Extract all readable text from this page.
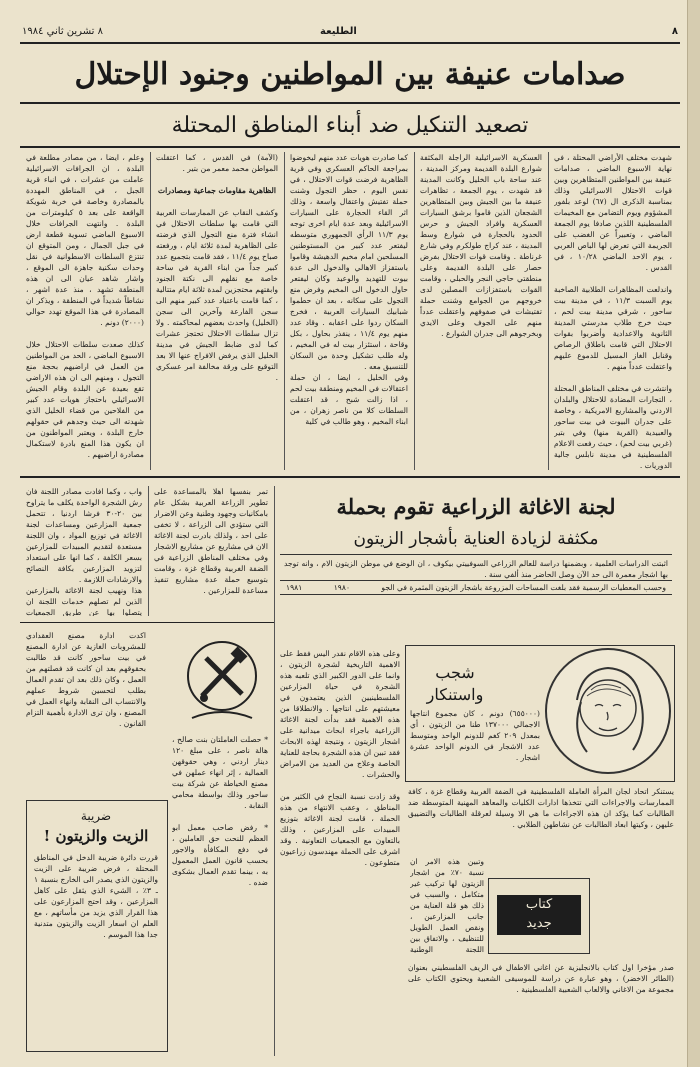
٨
الطليعة
٨ تشرين ثاني ١٩٨٤
صدامات عنيفة بين المواطنين وجنود الإحتلال
تصعيد التنكيل ضد أبناء المناطق المحتلة
شهدت مختلف الأراضي المحتلة ، في نهاية الاسبوع الماضي ، صدامات عنيفة بين المواطنين المتظاهرين وبين قوات الاحتلال الاسرائيلي وذلك بمناسبة الذكرى ال (٦٧) لوعد بلفور المشؤوم ويوم التضامن مع المخيمات الفلسطينية اللذين صادفا يوم الجمعة الماضي ، وتعبيراً عن الغضب على الجريمة التي تعرض لها الباص العربي ، يوم الاحد الماضي ١٠/٢٨ ، في القدس .

واندلعت المظاهرات الطلابية الصاخبة يوم السبت ١١/٣ ، في مدينة بيت ساحور ، شرقي مدينة بيت لحم ، حيث خرج طلاب مدرستي المدينة الثانوية والاعدادية وأضربوا بقوات الاحتلال التي قامت باطلاق الرصاص وقنابل الغاز المسيل للدموع عليهم واعتقلت عدداً منهم .

وانتشرت في مختلف المناطق المحتلة ، التجارات المضادة للاحتلال والبلدان الاردني والمشاريع الامريكية ، وخاصة على جدران البيوت في بيت ساحور والعبيدية (القرية منها) وفي بتير (غربي بيت لحم) ، حيث رفعت الاعلام الفلسطينية في مدينة نابلس جالية الدوريات .
العسكرية الاسرائيلية الراجلة المكثفة شوارع البلدة القديمة ومركز المدينة ، عند ساحة باب الخليل وكانت المدينة قد شهدت ، يوم الجمعة ، تظاهرات عنيفة ما بين الجيش وبين المتظاهرين الشجعان الذين قاموا برشق السيارات العسكرية وافراد الجيش و حرس الحدود بالحجارة في شوارع وسط المدينة ، عند كراج طولكرم وفي شارع غرناطة . وقامت قوات الاحتلال بفرض حصار على البلدة القديمة وعلى منطقتي حاجي النجر والحبلي ، وقامت القوات باستفزازات المصلين لدى خروجهم من الجوامع وشنت حملة تفتيشات في صفوفهم واعتقلت عدداً منهم على الجوف وعلى الايدي وبخرجوهم الى جدران الشوارع .
كما صادرت هويات عدد منهم ليخوضوا بمراجعة الحاكم العسكري وفي قرية الظاهرية فرضت قوات الاحتلال ، في نفس اليوم ، حظر التجول وشنت حملة تفتيش واعتقال واسعة ، وذلك اثر القاء الحجارة على السيارات الاسرائيلية وبعد عدة ايام اخرى توجه يوم ١١/٣ الرأي الجمهوري متوسطه ليفتعر عدد كبير من المستوطنين المسلحين امام مخيم الدهيشة وقاموا باستفزاز الاهالي والدخول الى عدة بيوت للتهديد والوعيد وكان ليفتعر حاول الدخول الى المخيم وفرض منع التجول على سكانه ، بعد ان حطموا شبابيك السيارات العربية ، فخرج السكان ردوا على اعقابه . وقاد عدد منهم يوم ١١/٤ ، ينقذر بحاول ، بكل وقاحة ، استئزار بيت له في المخيم ، وله طلب تشكيل وحدة من السكان للتنسيق معه .
وفي الخليل ، ايضا ، ان حملة اعتقالات في المخيم ومنطقة بيت لحم ، اذا زالت شبح ، قد اعتقلت السلطات كلا من ناصر زهران ، من ابناء المخيم ، وهو طالب في كلية
(الآمة) في القدس ، كما اعتقلت المواطن محمد معمر من بتير .

الظاهرية مقاومات جماعية ومصادرات

وكشف النقاب عن الممارسات العربية التي قامت بها سلطات الاحتلال في انشاء فترة منع التجول الذي فرضته على الظاهرية لمدة ثلاثة ايام ، ورفعته صباح يوم ١١/٤ ، فقد قامت بتجميع عدد كبير جداً من ابناء القرية في ساحة خاصة مع نقلهم الى نكتة الجنود وابقتهم محتجزين لمدة ثلاثة ايام متتالية ، كما قامت باعتياد عدد كبير منهم الى سجن الفارعة وآخرين الى سجن (الخليل) واحدث بعضهم لمحاكمته . ولا تزال سلطات الاحتلال تحتجز عشرات كما لدى ضابط الجيش في مدينة الخليل الذي يرفض الافراج عنها الا بعد التوقيع على ورقة مخالفة امر عسكري .
وعلم ، ايضا ، من مصادر مطلعة في البلدة ، ان الجرافات الاسرائيلية عاملت من عشرات ، في انباء قرية الجبل ، في المناطق المهددة بالمصادرة وخاصة في خربة شويكة الواقعة على بعد ٥ كيلومترات من البلدة . وانتهت الجرافات خلال الاسبوع الماضي تسوية قطعة ارض في جبل الجمال ، ومن المتوقع ان تنتزع السلطات الاسطوانية في نقل وحدات سكنية جاهزة الى الموقع ، واشار شاهد عيان الى ان هذه المنطقة تشهد ، منذ عدة اشهر ، نشاطاً شديداً في المنطقة ، ويذكر ان المصادرة في هذا الموقع تهدد حوالي (٢٠٠٠) دونم .

كذلك صعدت سلطات الاحتلال خلال الاسبوع الماضي ، الحد من المواطنين من العمل في اراضيهم بحجة منع التجول ، ومنهم الى ان هذه الاراضي تقع بعيدة عن البلدة وقام الجيش الاسرائيلي باحتجاز هويات عدد كبير من الفلاحين من قضاء الخليل الذي شهدته الى حيث وجدهم في حقولهم خارج البلدة ، ويعتبر المواطنون من ان يكون هذا المنع بادرة لاستكمال مصادرة اراضيهم .
لجنة الاغاثة الزراعية تقوم بحملة
مكثفة لزيادة العناية بأشجار الزيتون
اثبتت الدراسات العلمية ، وبضمنها دراسة للعالم الزراعي السوفييتي بيكوف ، ان الوضع في موطن الزيتون الام ، وانه توجد بها اشجار معمرة الى حد الآن وصل الحاضر منذ ألفي سنة .
وحسب المعطيات الرسمية فقد بلغت المساحات المزروعة باشجار الزيتون المثمرة في الجو
١٩٨٠
١٩٨١
شجب
واستنكار
(٦٥٥٠٠٠) دونم ، كان مجموع انتاجها الاجمالي ١٣٧٠٠٠ طنا من الزيتون ، أي بمعدل ٢٠٩ كغم للدونم الواحد ومتوسط عدد الاشجار في الدونم الواحد عشرة اشجار .
يستنكر اتحاد لجان المرأة العاملة الفلسطينية في الضفة الغربية وقطاع غزة ، كافة الممارسات والاجراءات التي تتخذها ادارات الكليات والمعاهد المهنية المتوسطة ضد الطالبات كما يؤكد ان هذه الاجراءات ما هي الا وسيلة لعرقلة الطالبات والتضييق عليهن ، وكيتها ابعاد الطالبات عن نشاطهن الطلابي .
وعلى هذه الاقام نقدر اليس فقط على الاهمية التاريخية لشجرة الزيتون ، وانما على الدور الكبير الذي تلعبه هذه الشجرة في حياة المزارعين الفلسطينيين الذين يعتمدون في معيشتهم على انتاجها . والانطلاقا من هذه الاهمية فقد بدأت لجنة الاغاثة الزراعية باجراء ابحاث ميدانية على اشجار الزيتون ، ونتيجة لهذه الابحاث فقد تبين ان هذه الشجرة بحاجة للعناية الخاصة وعلاج من العديد من الامراض والحشرات .

وقد زادت نسبة النجاح في الكثير من المناطق ، وعقب الانتهاء من هذه الحملة ، قامت لجنة الاغاثة بتوزيع المبيدات على المزارعين ، وذلك بالتعاون مع الجمعيات التعاونية . وقد اشرف على الحملة مهندسون زراعيون متطوعون .
تمر بنفسها اهلا بالمساعدة على تطوير الزراعة العربية بشكل عام بامكانيات وجهود وطنية وعن الاضرار التي ستؤدي الى الزراعة ، لا تخفى على احد ، ولذلك بادرت لجنة الاغاثة الان في مشاريع عن مشاريع الاشجار وفي مختلف المناطق الزراعية في الضفة الغربية وقطاع غزة ، وقامت بتوسيع حملة عدة مشاريع تنفيذ مساعدة للمزارعين .
واب ، وكما افادت مصادر اللجنة فان رش الشجرة الواحدة يكلف ما يتراوح بين ٢٠-٣٠ فرشا اردنيا ، تتحمل جمعية المزارعين ومساعدات لجنة الاغاثة في توزيع المواد ، وان اللجنة مستعدة لتقديم المبيدات للمزارعين بسعر الكلفة ، كما انها على استعداد لتزويد المزارعين بكافة النصائح والارشادات اللازمة .
هذا ونهيب لجنة الاغاثة بالمزارعين الذين لم تصلهم خدمات اللجنة ان يتصلوا بها عن طريق الجمعيات
* حصلت العاملتان بنت صالح ، هالة ناصر ، على مبلغ ١٢٠ دينار اردني ، وهي حقوقهن العمالية ، إثر انهاء عملهن في مصنع الخياطة عن شركة بيت ساحور وذلك بواسطة محامي النقابة .

* رفض صاحب معمل ابو العظم للنحت حق العاملين ، في دفع المكافأة والاجور بحسب قانون العمل المعمول به ، بينما تقدم العمال بشكوى ضده .
اكدت ادارة مصنع العقدادي للمشروبات الغازية عن ادارة المصنع في بيت ساحور كانت قد طالبت بحقوقهم بعد ان كانت قد فصلتهم من العمل ، وكان ذلك بعد ان تقدم العمال بطلب لتحسين شروط عملهم والانتساب الى النقابة وانهاء العمل في المصنع ، وان ترى الادارة بأهمية التزام القانون .
ضريبة
الزيت والزيتون !
قررت دائرة ضريبة الدخل في المناطق المحتلة ، فرض ضريبة على الزيت والزيتون الذي يصدر الى الخارج بنسبة ١ ـ ٣٪ ، الشيء الذي يثقل على كاهل المزارعين ، وقد احتج المزارعون على هذا القرار الذي يزيد من مأساتهم ، مع العلم ان اسعار الزيت والزيتون متدنية جدا هذا الموسم .
كتاب
جديد
صدر مؤخرا اول كتاب بالانجليزية عن اغاني الاطفال في الريف الفلسطيني بعنوان (الطائر الاخضر) ، وهو عبارة عن دراسة للموسيقى الشعبية ويحتوي الكتاب على مجموعة من الاغاني والالعاب الشعبية الفلسطينية .
وتبين هذه الامر ان نسبة ٧٠٪ من اشجار الزيتون لها تركيب غير متكامل ، والسبب في ذلك هو قلة العناية من جانب المزارعين ، ونقص العمل الطويل للتنظيف ، والاتفاق بين اللجنة الوطنية
